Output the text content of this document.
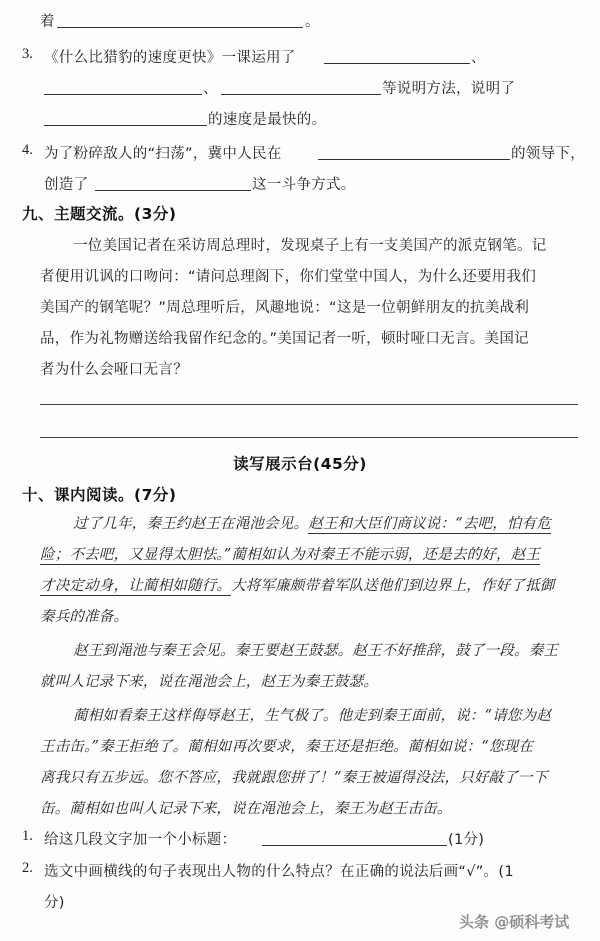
着	。
3. 《什么比猎豹的速度更快》一课运用了	、
、	等说明方法，说明了
的速度是最快的。
4. 为了粉碎敌人的“扫荡”，冀中人民在	的领导下，
创造了	这一斗争方式。
九、主题交流。(3分)
一位美国记者在采访周总理时，发现桌子上有一支美国产的派克钢笔。记
者便用讥讽的口吻问：“请问总理阁下，你们堂堂中国人，为什么还要用我们
美国产的钢笔呢？”周总理听后，风趣地说：“这是一位朝鲜朋友的抗美战利
品，作为礼物赠送给我留作纪念的。”美国记者一听，顿时哑口无言。美国记
者为什么会哑口无言？
读写展示台(45分)
十、课内阅读。(7分)
过了几年，秦王约赵王在渑池会见。赵王和大臣们商议说：“去吧，怕有危
险；不去吧，又显得太胆怯。”蔺相如认为对秦王不能示弱，还是去的好，赵王
才决定动身，让蔺相如随行。大将军廉颇带着军队送他们到边界上，作好了抵御
秦兵的准备。
赵王到渑池与秦王会见。秦王要赵王鼓瑟。赵王不好推辞，鼓了一段。秦王
就叫人记录下来，说在渑池会上，赵王为秦王鼓瑟。
蔺相如看秦王这样侮辱赵王，生气极了。他走到秦王面前，说：“请您为赵
王击缶。”秦王拒绝了。蔺相如再次要求，秦王还是拒绝。蔺相如说：“您现在
离我只有五步远。您不答应，我就跟您拼了！”秦王被逼得没法，只好敲了一下
缶。蔺相如也叫人记录下来，说在渑池会上，秦王为赵王击缶。
1. 给这几段文字加一个小标题：	(1分)
2. 选文中画横线的句子表现出人物的什么特点？在正确的说法后画“√”。(1
分)
头条 @硕科考试
